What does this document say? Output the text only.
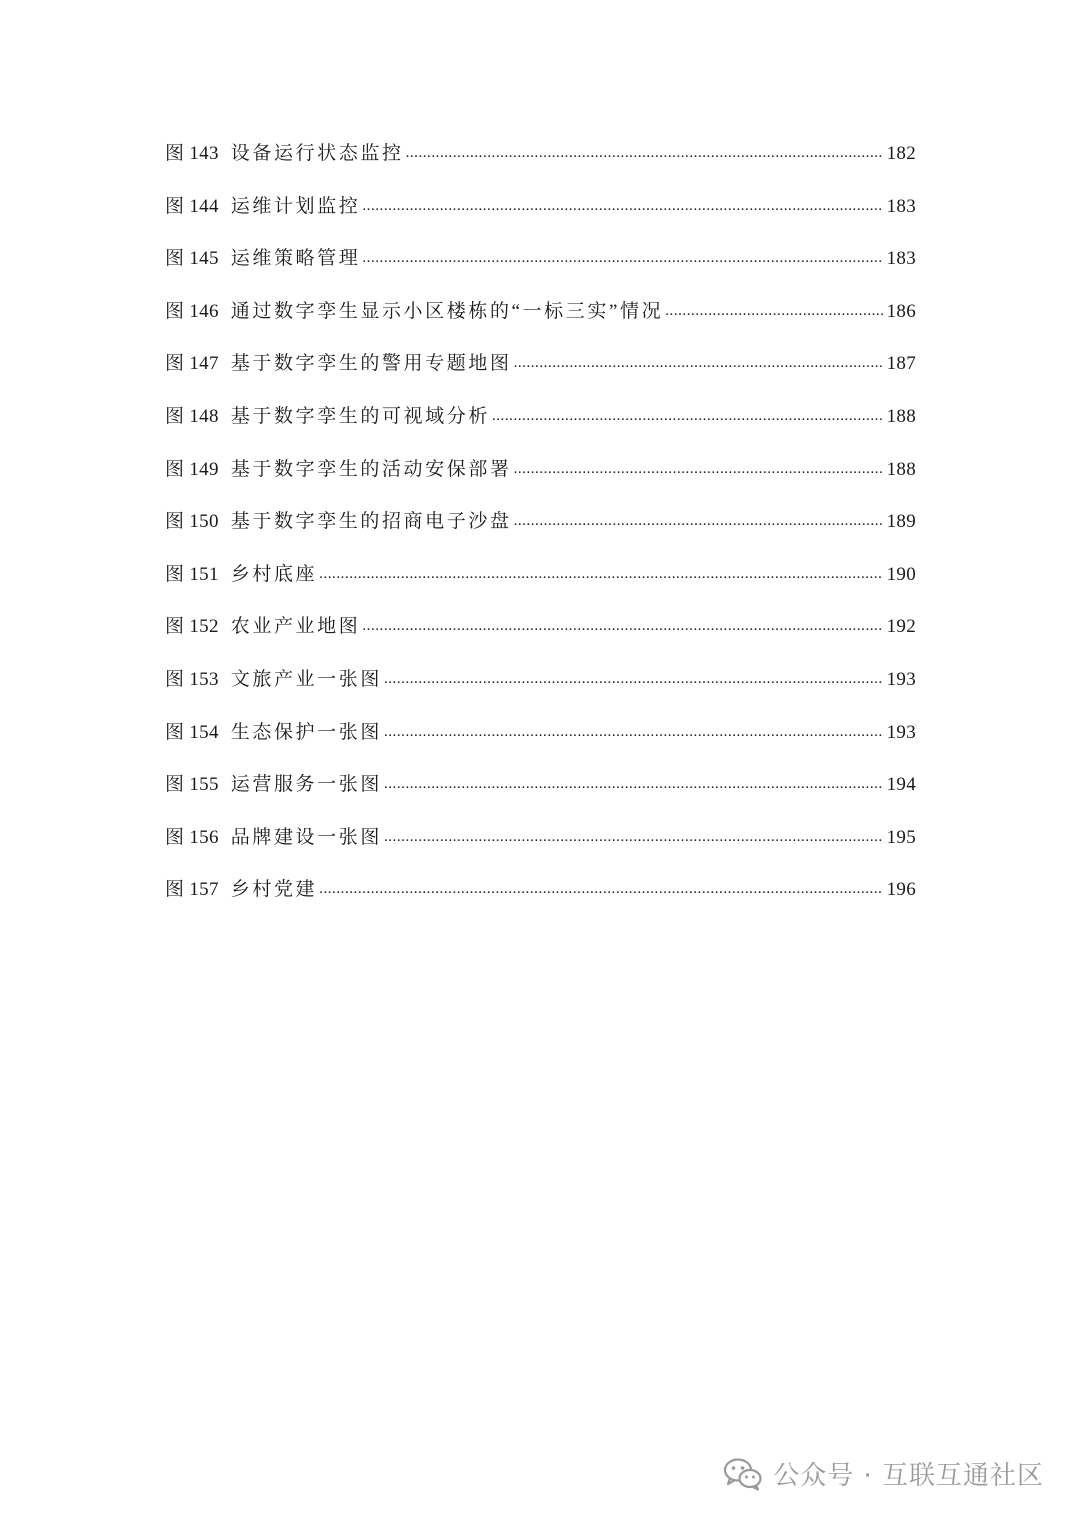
图 143 设备运行状态监控 .....	182
图 144 运维计划监控 .....	183
图 145 运维策略管理 .....	183
图 146 通过数字孪生显示小区楼栋的“一标三实”情况 .....	186
图 147 基于数字孪生的警用专题地图 .....	187
图 148 基于数字孪生的可视域分析 .....	188
图 149 基于数字孪生的活动安保部署 .....	188
图 150 基于数字孪生的招商电子沙盘 .....	189
图 151 乡村底座 .....	190
图 152 农业产业地图 .....	192
图 153 文旅产业一张图 .....	193
图 154 生态保护一张图 .....	193
图 155 运营服务一张图 .....	194
图 156 品牌建设一张图 .....	195
图 157 乡村党建 .....	196
公众号 · 互联互通社区
